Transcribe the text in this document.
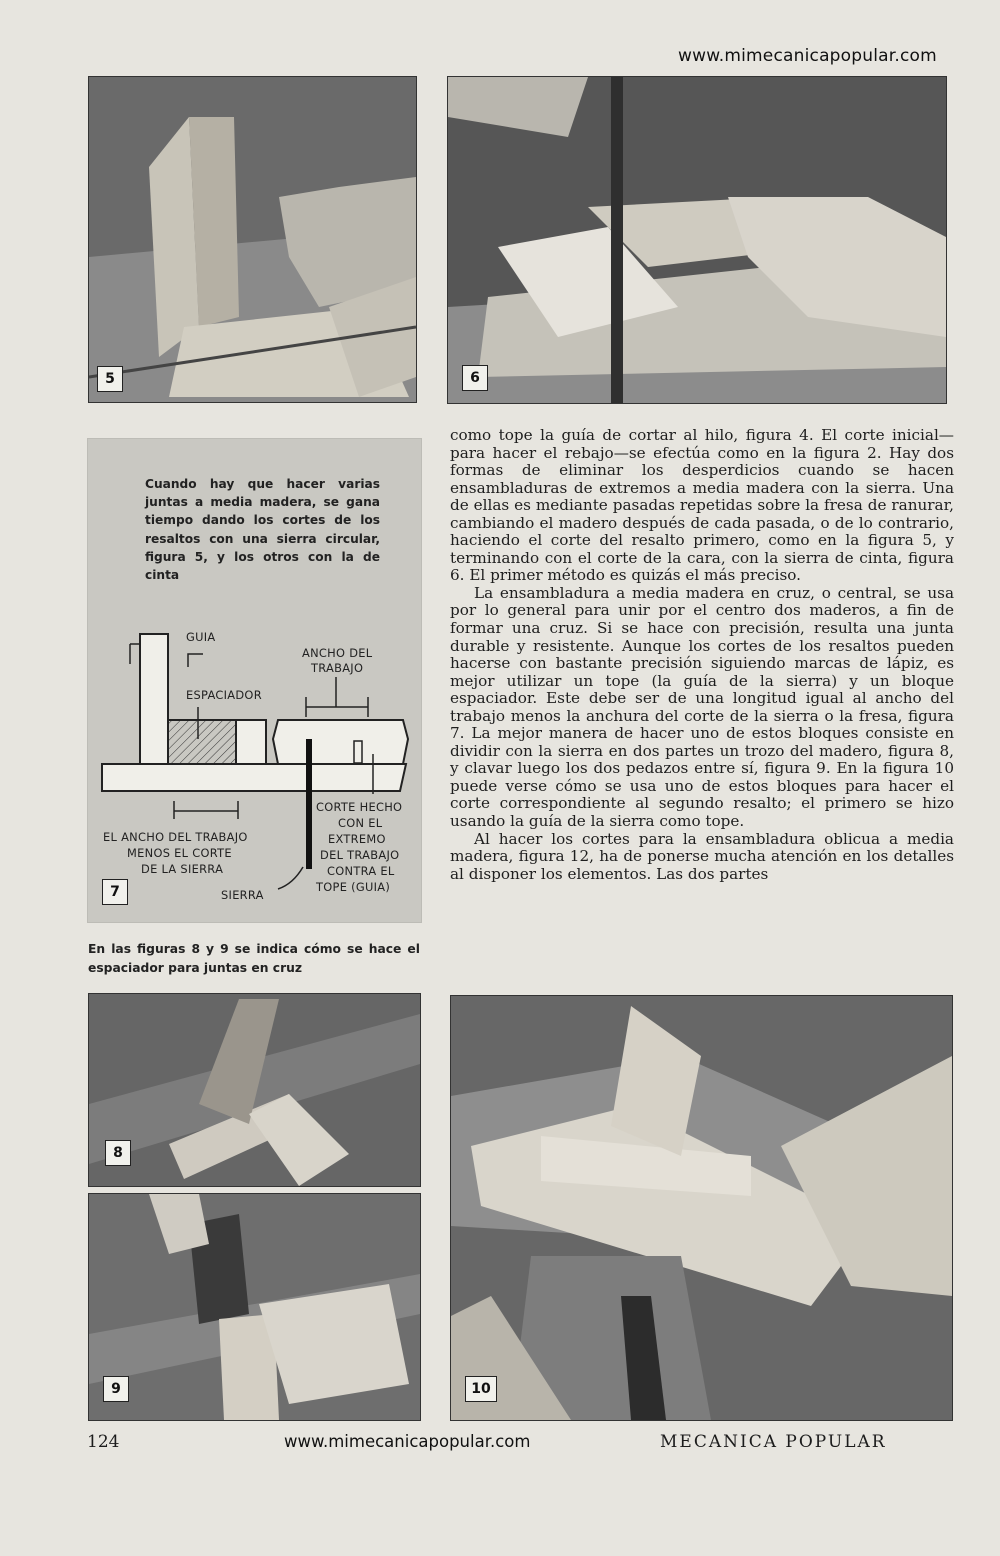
www.mimecanicapopular.com
5	6
7
Cuando hay que hacer varias juntas a media madera, se gana tiempo dando los cortes de los resaltos con una sierra circular, figura 5, y los otros con la de cinta
GUIA
ANCHO DEL
TRABAJO
ESPACIADOR
EL ANCHO DEL TRABAJO
MENOS EL CORTE
DE LA SIERRA
CORTE HECHO
CON EL
EXTREMO
DEL TRABAJO
CONTRA EL
TOPE (GUIA)
SIERRA
En las figuras 8 y 9 se indica cómo se hace el espaciador para juntas en cruz

como tope la guía de cortar al hilo, figura 4. El corte inicial—para hacer el rebajo—se efectúa como en la figura 2. Hay dos formas de eliminar los desperdicios cuando se hacen ensambladuras de extremos a media madera con la sierra. Una de ellas es mediante pasadas repetidas sobre la fresa de ranurar, cambiando el madero después de cada pasada, o de lo contrario, haciendo el corte del resalto primero, como en la figura 5, y terminando con el corte de la cara, con la sierra de cinta, figura 6. El primer método es quizás el más preciso.

La ensambladura a media madera en cruz, o central, se usa por lo general para unir por el centro dos maderos, a fin de formar una cruz. Si se hace con precisión, resulta una junta durable y resistente. Aunque los cortes de los resaltos pueden hacerse con bastante precisión siguiendo marcas de lápiz, es mejor utilizar un tope (la guía de la sierra) y un bloque espaciador. Este debe ser de una longitud igual al ancho del trabajo menos la anchura del corte de la sierra o la fresa, figura 7. La mejor manera de hacer uno de estos bloques consiste en dividir con la sierra en dos partes un trozo del madero, figura 8, y clavar luego los dos pedazos entre sí, figura 9. En la figura 10 puede verse cómo se usa uno de estos bloques para hacer el corte correspondiente al segundo resalto; el primero se hizo usando la guía de la sierra como tope.

Al hacer los cortes para la ensambladura oblicua a media madera, figura 12, ha de ponerse mucha atención en los detalles al disponer los elementos. Las dos partes

8
9	10
124	www.mimecanicapopular.com	MECANICA POPULAR
